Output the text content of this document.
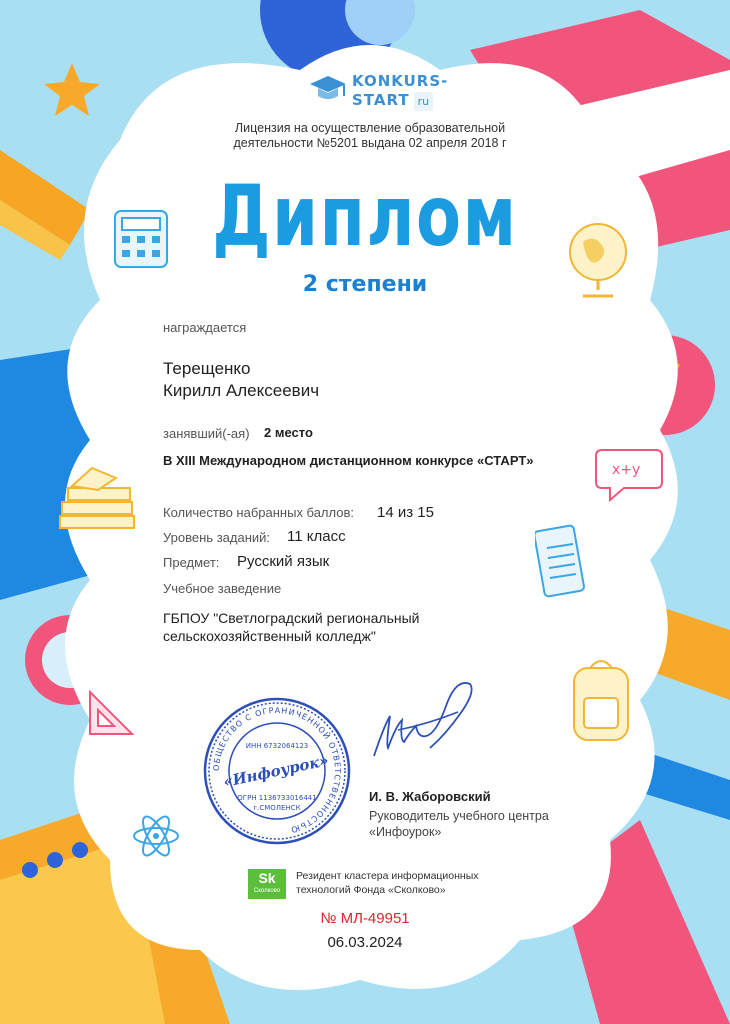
KONKURS-
START ru
Лицензия на осуществление образовательной
деятельности №5201 выдана 02 апреля 2018 г
x+y
Диплом
2 степени
награждается
Терещенко
Кирилл Алексеевич
занявший(-ая) 2 место
В XIII Международном дистанционном конкурсе «СТАРТ»
Количество набранных баллов: 14 из 15
Уровень заданий: 11 класс
Предмет: Русский язык
Учебное заведение
ГБПОУ "Светлоградский региональный
сельскохозяйственный колледж"
ОБЩЕСТВО С ОГРАНИЧЕННОЙ ОТВЕТСТВЕННОСТЬЮ
ИНН 6732064123
«Инфоурок»
ОГРН 1136733016441
г.СМОЛЕНСК
И. В. Жаборовский
Руководитель учебного центра
«Инфоурок»
Sk
Сколково
Резидент кластера информационных
технологий Фонда «Сколково»
№ МЛ-49951
06.03.2024
